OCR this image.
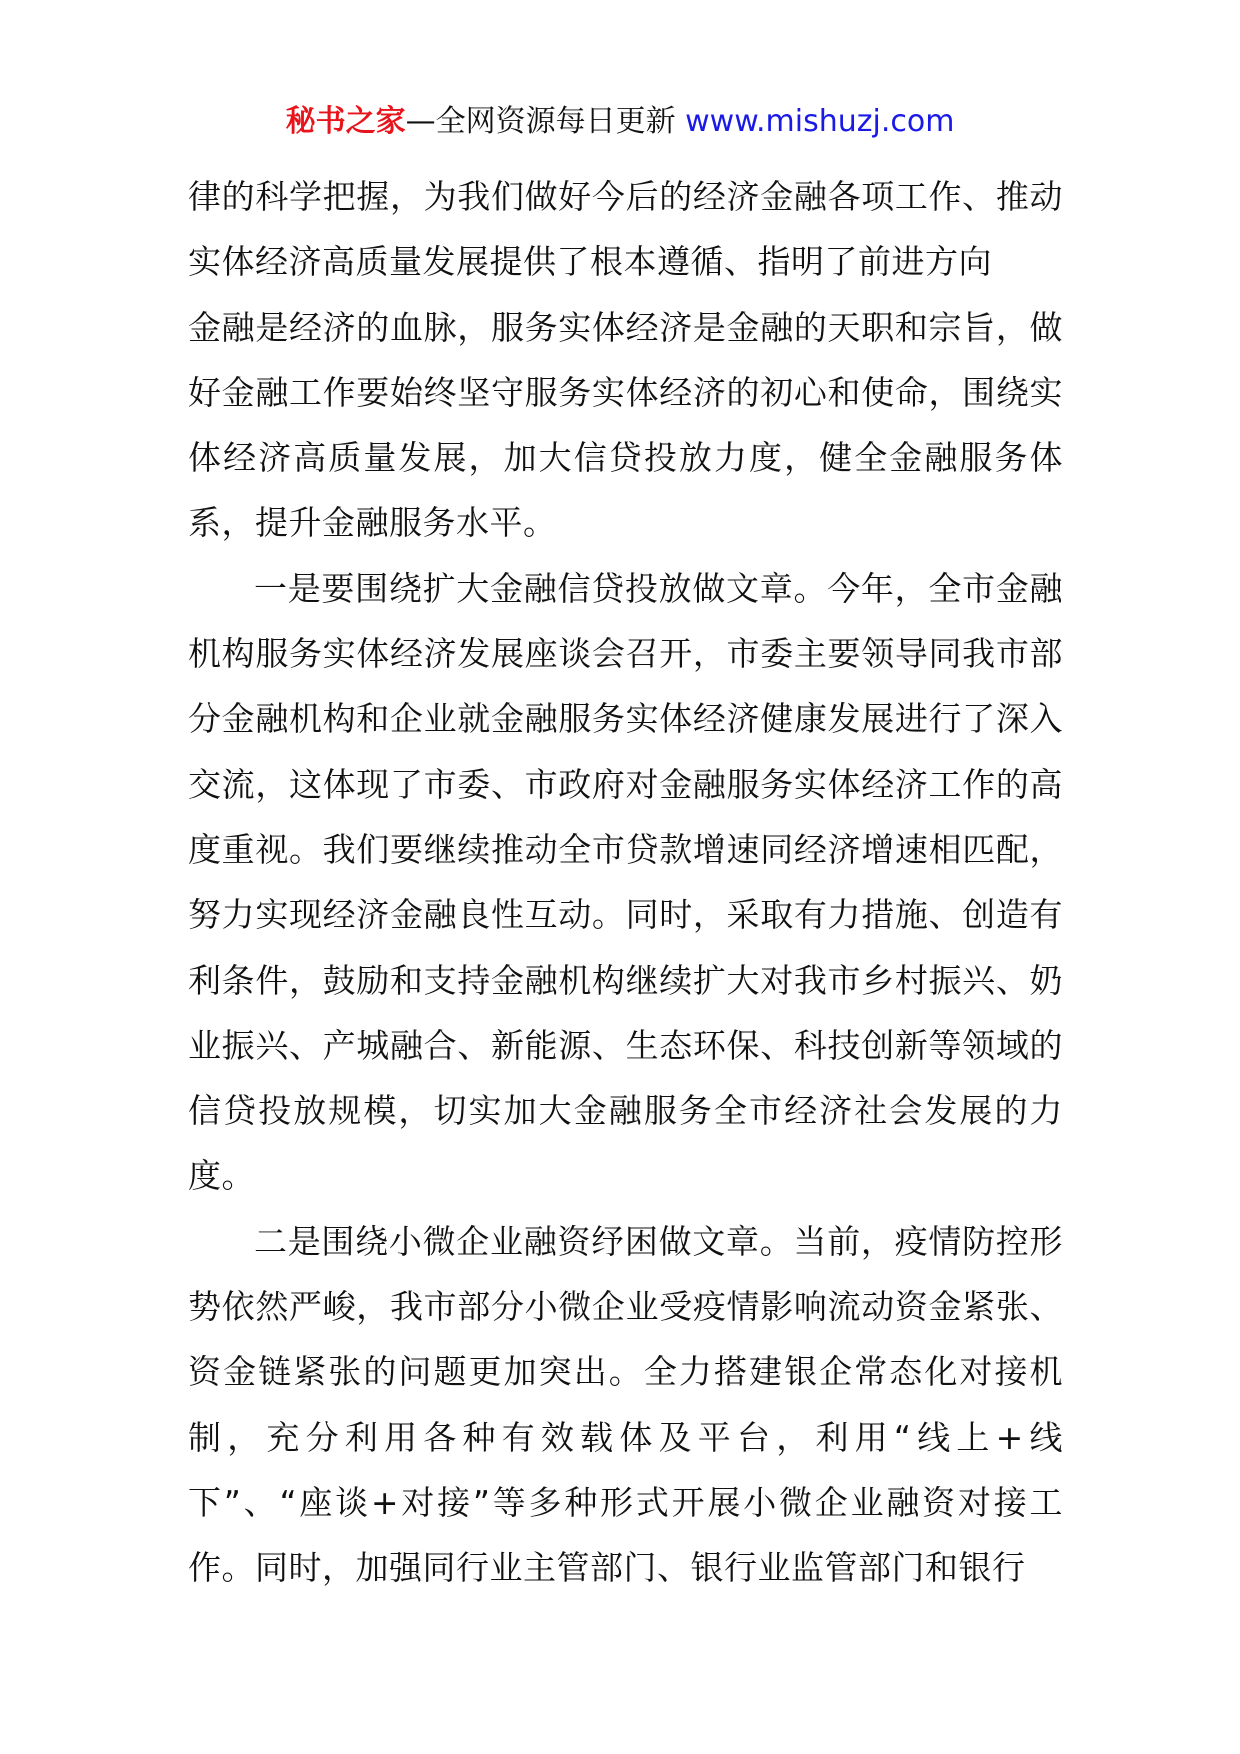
秘书之家—全网资源每日更新 www.mishuzj.com

律的科学把握，为我们做好今后的经济金融各项工作、推动实体经济高质量发展提供了根本遵循、指明了前进方向

金融是经济的血脉，服务实体经济是金融的天职和宗旨，做好金融工作要始终坚守服务实体经济的初心和使命，围绕实体经济高质量发展，加大信贷投放力度，健全金融服务体系，提升金融服务水平。

一是要围绕扩大金融信贷投放做文章。今年，全市金融机构服务实体经济发展座谈会召开，市委主要领导同我市部分金融机构和企业就金融服务实体经济健康发展进行了深入交流，这体现了市委、市政府对金融服务实体经济工作的高度重视。我们要继续推动全市贷款增速同经济增速相匹配，努力实现经济金融良性互动。同时，采取有力措施、创造有利条件，鼓励和支持金融机构继续扩大对我市乡村振兴、奶业振兴、产城融合、新能源、生态环保、科技创新等领域的信贷投放规模，切实加大金融服务全市经济社会发展的力度。

二是围绕小微企业融资纾困做文章。当前，疫情防控形势依然严峻，我市部分小微企业受疫情影响流动资金紧张、资金链紧张的问题更加突出。全力搭建银企常态化对接机制，充分利用各种有效载体及平台，利用“线上+线下”、“座谈+对接”等多种形式开展小微企业融资对接工作。同时，加强同行业主管部门、银行业监管部门和银行
